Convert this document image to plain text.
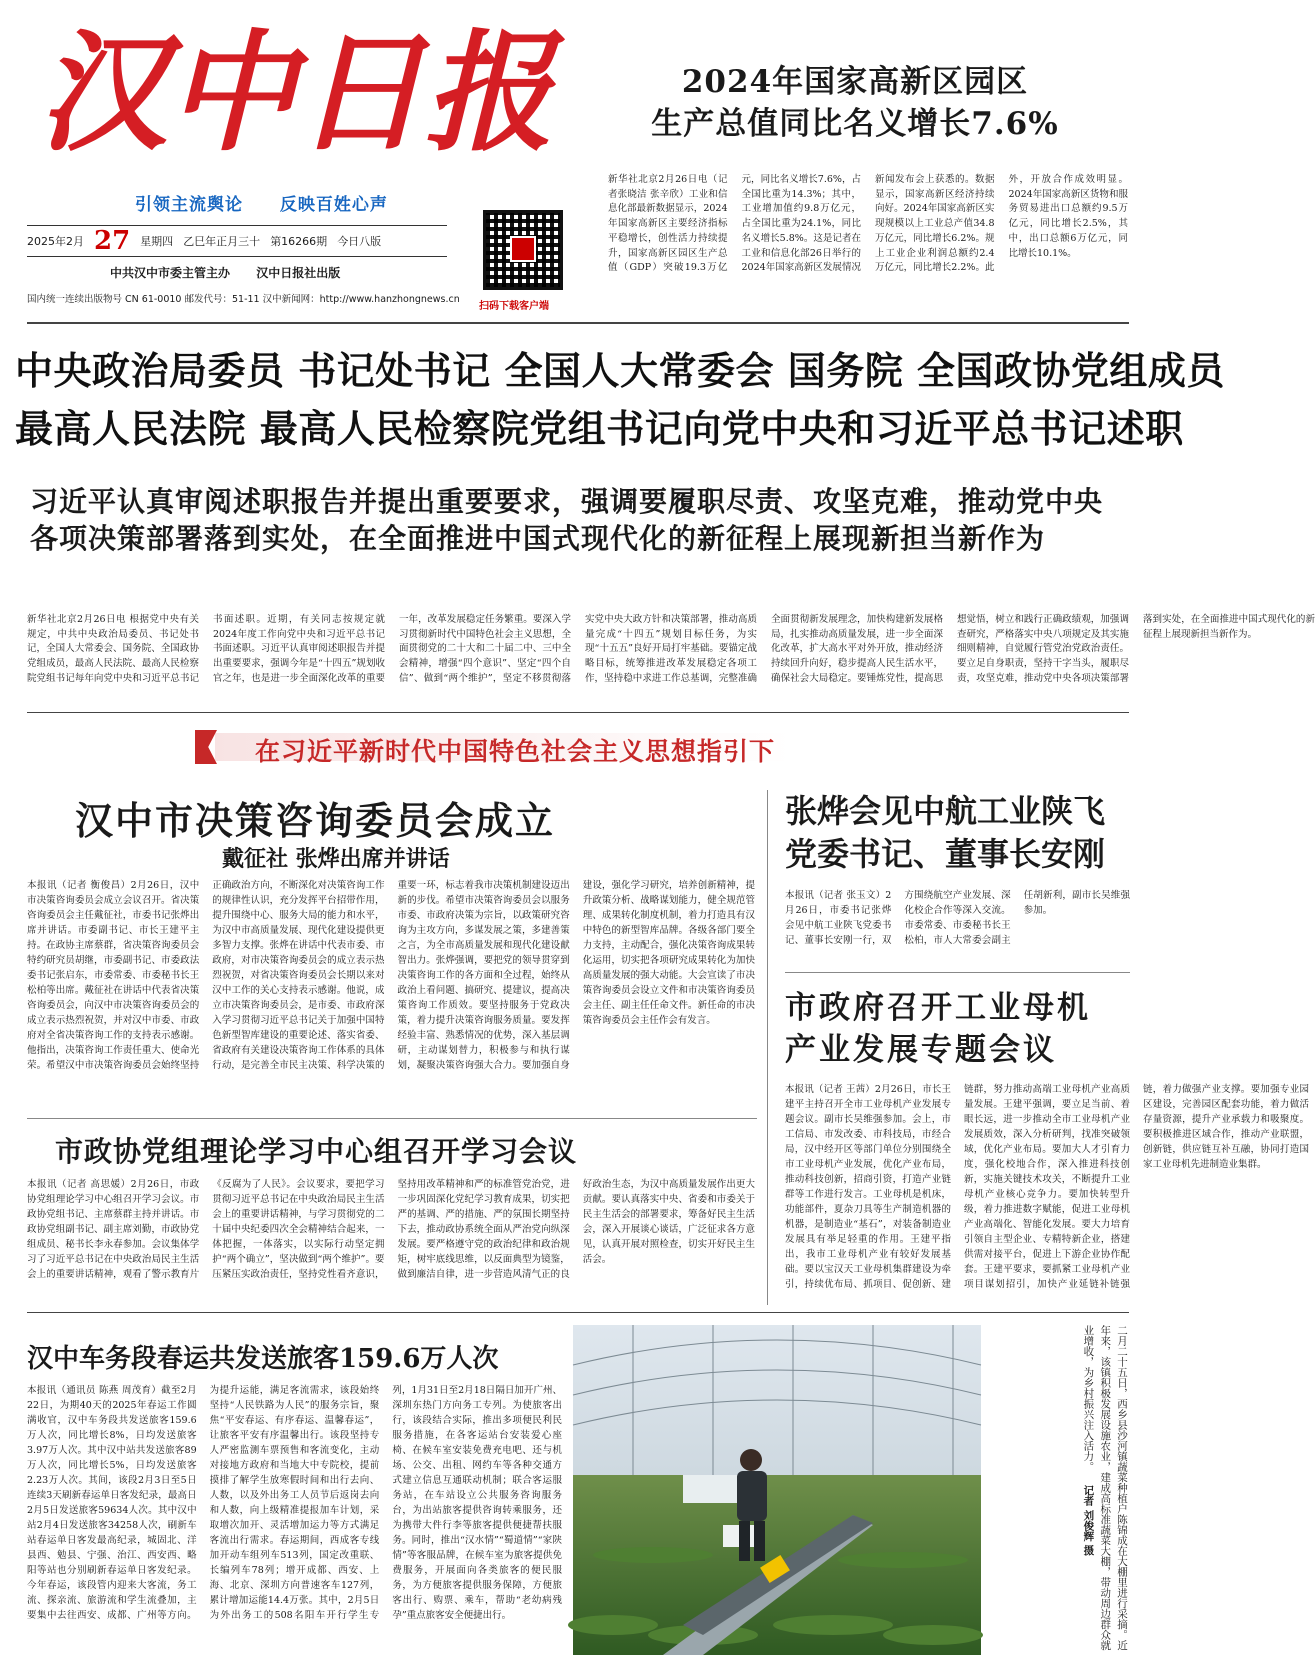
汉中日报
引领主流舆论 反映百姓心声
2025年2月 27 星期四 乙巳年正月三十 第16266期 今日八版
中共汉中市委主管主办 汉中日报社出版
国内统一连续出版物号 CN 61-0010 邮发代号：51-11 汉中新闻网：http://www.hanzhongnews.cn
扫码下载客户端
2024年国家高新区园区
生产总值同比名义增长7.6%
新华社北京2月26日电（记者张晓洁 张辛欣）工业和信息化部最新数据显示，2024年国家高新区主要经济指标平稳增长，创性活力持续提升，国家高新区园区生产总值（GDP）突破19.3万亿元，同比名义增长7.6%，占全国比重为14.3%；其中，工业增加值约9.8万亿元，占全国比重为24.1%，同比名义增长5.8%。这是记者在工业和信息化部26日举行的2024年国家高新区发展情况新闻发布会上获悉的。数据显示，国家高新区经济持续向好。2024年国家高新区实现规模以上工业总产值34.8万亿元，同比增长6.2%。规上工业企业利润总额约2.4万亿元，同比增长2.2%。此外，开放合作成效明显。2024年国家高新区货物和服务贸易进出口总额约9.5万亿元，同比增长2.5%，其中，出口总额6万亿元，同比增长10.1%。
中央政治局委员 书记处书记 全国人大常委会 国务院 全国政协党组成员
最高人民法院 最高人民检察院党组书记向党中央和习近平总书记述职
习近平认真审阅述职报告并提出重要要求，强调要履职尽责、攻坚克难，推动党中央各项决策部署落到实处，在全面推进中国式现代化的新征程上展现新担当新作为
新华社北京2月26日电 根据党中央有关规定，中共中央政治局委员、书记处书记，全国人大常委会、国务院、全国政协党组成员，最高人民法院、最高人民检察院党组书记每年向党中央和习近平总书记书面述职。近期，有关同志按规定就2024年度工作向党中央和习近平总书记书面述职。习近平认真审阅述职报告并提出重要要求，强调今年是“十四五”规划收官之年，也是进一步全面深化改革的重要一年，改革发展稳定任务繁重。要深入学习贯彻新时代中国特色社会主义思想，全面贯彻党的二十大和二十届二中、三中全会精神，增强“四个意识”、坚定“四个自信”、做到“两个维护”，坚定不移贯彻落实党中央大政方针和决策部署，推动高质量完成“十四五”规划目标任务，为实现“十五五”良好开局打牢基础。要锚定战略目标，统筹推进改革发展稳定各项工作，坚持稳中求进工作总基调，完整准确全面贯彻新发展理念，加快构建新发展格局，扎实推动高质量发展，进一步全面深化改革，扩大高水平对外开放，推动经济持续回升向好，稳步提高人民生活水平，确保社会大局稳定。要锤炼党性，提高思想觉悟，树立和践行正确政绩观，加强调查研究，严格落实中央八项规定及其实施细则精神，自觉履行管党治党政治责任。要立足自身职责，坚持干字当头，履职尽责，攻坚克难，推动党中央各项决策部署落到实处，在全面推进中国式现代化的新征程上展现新担当新作为。
在习近平新时代中国特色社会主义思想指引下
汉中市决策咨询委员会成立
戴征社 张烨出席并讲话
本报讯（记者 衡俊昌）2月26日，汉中市决策咨询委员会成立会议召开。省决策咨询委员会主任戴征社，市委书记张烨出席并讲话。市委副书记、市长王建平主持。在政协主席蔡群，省决策咨询委员会特约研究员胡继，市委副书记、市委政法委书记张启东，市委常委、市委秘书长王松柏等出席。戴征社在讲话中代表省决策咨询委员会，向汉中市决策咨询委员会的成立表示热烈祝贺，并对汉中市委、市政府对全省决策咨询工作的支持表示感谢。他指出，决策咨询工作责任重大、使命光荣。希望汉中市决策咨询委员会始终坚持正确政治方向，不断深化对决策咨询工作的规律性认识，充分发挥平台招带作用，提升围绕中心、服务大局的能力和水平，为汉中市高质量发展、现代化建设提供更多智力支撑。张烨在讲话中代表市委、市政府，对市决策咨询委员会的成立表示热烈祝贺，对省决策咨询委员会长期以来对汉中工作的关心支持表示感谢。他说，成立市决策咨询委员会，是市委、市政府深入学习贯彻习近平总书记关于加强中国特色新型智库建设的重要论述、落实省委、省政府有关建设决策咨询工作体系的具体行动，是完善全市民主决策、科学决策的重要一环，标志着我市决策机制建设迈出新的步伐。希望市决策咨询委员会以服务市委、市政府决策为宗旨，以政策研究咨询为主攻方向，多谋发展之策，多建善策之言，为全市高质量发展和现代化建设献智出力。张烨强调，要把党的领导贯穿到决策咨询工作的各方面和全过程，始终从政治上看问题、搞研究、提建议，提高决策咨询工作质效。要坚持服务于党政决策，着力提升决策咨询服务质量。要发挥经验丰富、熟悉情况的优势，深入基层调研，主动谋划替力，积极参与和执行谋划，凝聚决策咨询强大合力。要加强自身建设，强化学习研究，培养创新精神，提升政策分析、战略谋划能力，健全规范管理、成果转化制度机制，着力打造具有汉中特色的新型智库品牌。各级各部门要全力支持，主动配合，强化决策咨询成果转化运用，切实把各项研究成果转化为加快高质量发展的强大动能。大会宣读了市决策咨询委员会设立文件和市决策咨询委员会主任、副主任任命文件。新任命的市决策咨询委员会主任作会有发言。
张烨会见中航工业陕飞
党委书记、董事长安刚
本报讯（记者 张玉文）2月26日，市委书记张烨会见中航工业陕飞党委书记、董事长安刚一行，双方围绕航空产业发展、深化校企合作等深入交流。市委常委、市委秘书长王松柏，市人大常委会副主任胡新利，副市长吴维强参加。
市政府召开工业母机
产业发展专题会议
本报讯（记者 王茜）2月26日，市长王建平主持召开全市工业母机产业发展专题会议。副市长吴维强参加。会上，市工信局、市发改委、市科技局，市经合局，汉中经开区等部门单位分别围绕全市工业母机产业发展，优化产业布局，推动科技创新，招商引资，打造产业链群等工作进行发言。工业母机是机床，功能部件，夏杂刀具等生产制造机器的机器，是制造业“基石”，对装备制造业发展具有举足轻重的作用。王建平指出，我市工业母机产业有较好发展基础。要以宝汉天工业母机集群建设为牵引，持续优布局、抓项目、促创新、建链群，努力推动高端工业母机产业高质量发展。王建平强调，要立足当前、着眼长远，进一步推动全市工业母机产业发展质效，深入分析研判，找准突破领域，优化产业布局。要加大人才引育力度，强化校地合作，深入推进科技创新，实施关键技术攻关，不断提升工业母机产业核心竞争力。要加快转型升级，着力推进数字赋能，促进工业母机产业高端化、智能化发展。要大力培育引领自主型企业、专精特新企业，搭建供需对接平台，促进上下游企业协作配套。王建平要求，要抓紧工业母机产业项目谋划招引，加快产业延链补链强链，着力做强产业支撑。要加强专业园区建设，完善园区配套功能，着力做活存量资源，提升产业承载力和吸聚度。要积极推进区域合作，推动产业联盟，创新链，供应链互补互融，协同打造国家工业母机先进制造业集群。
市政协党组理论学习中心组召开学习会议
本报讯（记者 高思媛）2月26日，市政协党组理论学习中心组召开学习会议。市政协党组书记、主席蔡群主持并讲话。市政协党组副书记、副主席刘勤，市政协党组成员、秘书长李永春参加。会议集体学习了习近平总书记在中央政治局民主生活会上的重要讲话精神，观看了警示教育片《反腐为了人民》。会议要求，要把学习贯彻习近平总书记在中央政治局民主生活会上的重要讲话精神，与学习贯彻党的二十届中央纪委四次全会精神结合起来，一体把握，一体落实，以实际行动坚定拥护“两个确立”，坚决做到“两个维护”。要压紧压实政治责任，坚持党性看齐意识，坚持用改革精神和严的标准管党治党，进一步巩固深化党纪学习教育成果，切实把严的基调、严的措施、严的氛围长期坚持下去，推动政协系统全面从严治党向纵深发展。要严格遵守党的政治纪律和政治规矩，树牢底线思维，以反面典型为镜鉴，做到廉洁自律，进一步营造风清气正的良好政治生态，为汉中高质量发展作出更大贡献。要认真落实中央、省委和市委关于民主生活会的部署要求，筹备好民主生活会，深入开展谈心谈话，广泛征求各方意见，认真开展对照检查，切实开好民主生活会。
汉中车务段春运共发送旅客159.6万人次
本报讯（通讯员 陈燕 周茂育）截至2月22日，为期40天的2025年春运工作圆满收官，汉中车务段共发送旅客159.6万人次，同比增长8%，日均发送旅客3.97万人次。其中汉中站共发送旅客89万人次，同比增长5%，日均发送旅客2.23万人次。其间，该段2月3日至5日连续3天刷新春运单日客发纪录，最高日2月5日发送旅客59634人次。其中汉中站2月4日发送旅客34258人次，刷新车站春运单日客发最高纪录，城固北、洋县西、勉县、宁强、治江、西安西、略阳等站也分别刷新春运单日客发纪录。今年春运，该段管内迎来大客流，务工流、探亲流、旅游流和学生流叠加，主要集中去往西安、成都、广州等方向。为提升运能，满足客流需求，该段始终坚持“人民铁路为人民”的服务宗旨，聚焦“平安春运、有序春运、温馨春运”，让旅客平安有序温馨出行。该段坚持专人严密监测车票预售和客流变化，主动对接地方政府和当地大中专院校，提前摸排了解学生放寒假时间和出行去向、人数，以及外出务工人员节后返岗去向和人数，向上级精准提报加车计划，采取增次加开、灵活增加运力等方式满足客流出行需求。春运期间，西成客专线加开动车组列车513列，国定改重联、长编列车78列；增开成都、西安、上海、北京、深圳方向普速客车127列，累计增加运能14.4万张。其中，2月5日为外出务工的508名阳车开行学生专列，1月31日至2月18日隔日加开广州、深圳东热门方向务工专列。为使旅客出行，该段结合实际，推出多项便民利民服务措施，在各客运站台安装爱心座椅、在候车室安装免费充电吧、还与机场、公交、出租、网约车等各种交通方式建立信息互通联动机制；联合客运服务站，在车站设立公共服务咨询服务台，为出站旅客提供咨询转乘服务，还为携带大件行李等旅客提供便捷帮扶服务。同时，推出“汉水情”“蜀道情”“家陕情”等客服品牌，在候车室为旅客提供免费服务，开展面向各类旅客的便民服务，为方便旅客提供服务保障，方便旅客出行、购票、乘车，帮助“老幼病残孕”重点旅客安全便捷出行。	二月二十五日，西乡县沙河镇蔬菜种植户陈锦成在大棚里进行采摘。近年来，该镇积极发展设施农业，建成高标准蔬菜大棚，带动周边群众就业增收，为乡村振兴注入活力。 记者 刘俊辉 摄
